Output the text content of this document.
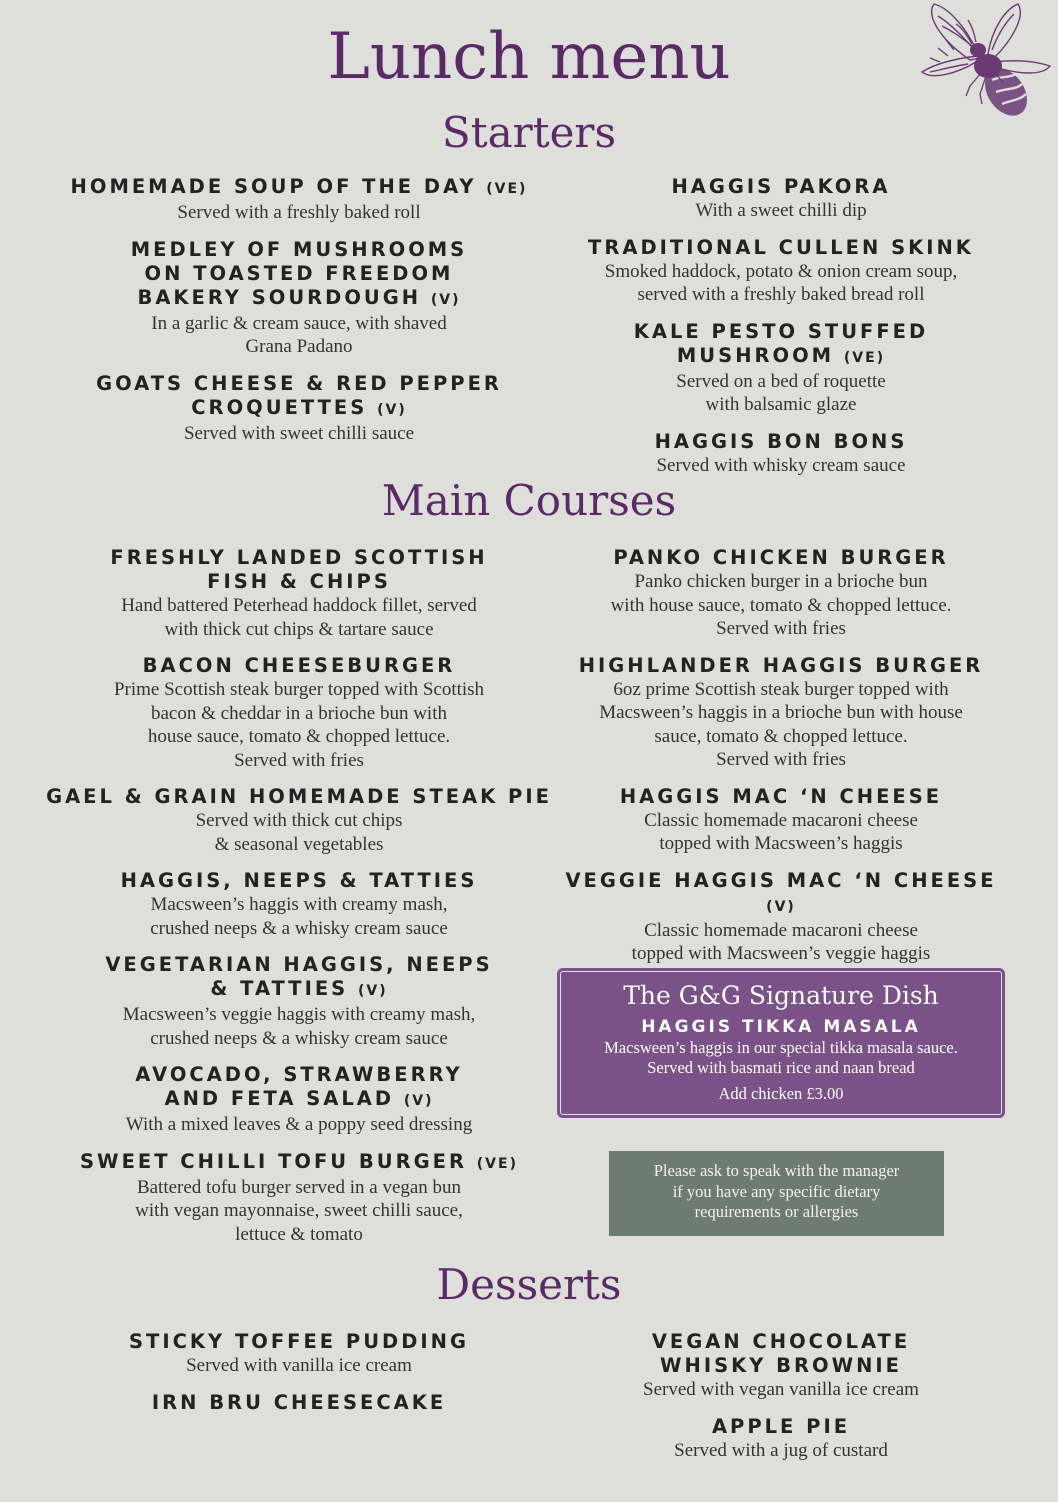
Lunch menu
Starters
HOMEMADE SOUP OF THE DAY (VE)
Served with a freshly baked roll
MEDLEY OF MUSHROOMS
ON TOASTED FREEDOM
BAKERY SOURDOUGH (V)
In a garlic & cream sauce, with shaved
Grana Padano
GOATS CHEESE & RED PEPPER
CROQUETTES (V)
Served with sweet chilli sauce
HAGGIS PAKORA
With a sweet chilli dip
TRADITIONAL CULLEN SKINK
Smoked haddock, potato & onion cream soup,
served with a freshly baked bread roll
KALE PESTO STUFFED
MUSHROOM (VE)
Served on a bed of roquette
with balsamic glaze
HAGGIS BON BONS
Served with whisky cream sauce
Main Courses
FRESHLY LANDED SCOTTISH
FISH & CHIPS
Hand battered Peterhead haddock fillet, served
with thick cut chips & tartare sauce
BACON CHEESEBURGER
Prime Scottish steak burger topped with Scottish
bacon & cheddar in a brioche bun with
house sauce, tomato & chopped lettuce.
Served with fries
GAEL & GRAIN HOMEMADE STEAK PIE
Served with thick cut chips
& seasonal vegetables
HAGGIS, NEEPS & TATTIES
Macsween’s haggis with creamy mash,
crushed neeps & a whisky cream sauce
VEGETARIAN HAGGIS, NEEPS
& TATTIES (V)
Macsween’s veggie haggis with creamy mash,
crushed neeps & a whisky cream sauce
AVOCADO, STRAWBERRY
AND FETA SALAD (V)
With a mixed leaves & a poppy seed dressing
SWEET CHILLI TOFU BURGER (VE)
Battered tofu burger served in a vegan bun
with vegan mayonnaise, sweet chilli sauce,
lettuce & tomato
PANKO CHICKEN BURGER
Panko chicken burger in a brioche bun
with house sauce, tomato & chopped lettuce.
Served with fries
HIGHLANDER HAGGIS BURGER
6oz prime Scottish steak burger topped with
Macsween’s haggis in a brioche bun with house
sauce, tomato & chopped lettuce.
Served with fries
HAGGIS MAC ‘N CHEESE
Classic homemade macaroni cheese
topped with Macsween’s haggis
VEGGIE HAGGIS MAC ‘N CHEESE (V)
Classic homemade macaroni cheese
topped with Macsween’s veggie haggis
The G&G Signature Dish
HAGGIS TIKKA MASALA
Macsween’s haggis in our special tikka masala sauce.
Served with basmati rice and naan bread
Add chicken £3.00
Please ask to speak with the manager
if you have any specific dietary
requirements or allergies
Desserts
STICKY TOFFEE PUDDING
Served with vanilla ice cream
IRN BRU CHEESECAKE
VEGAN CHOCOLATE
WHISKY BROWNIE
Served with vegan vanilla ice cream
APPLE PIE
Served with a jug of custard
